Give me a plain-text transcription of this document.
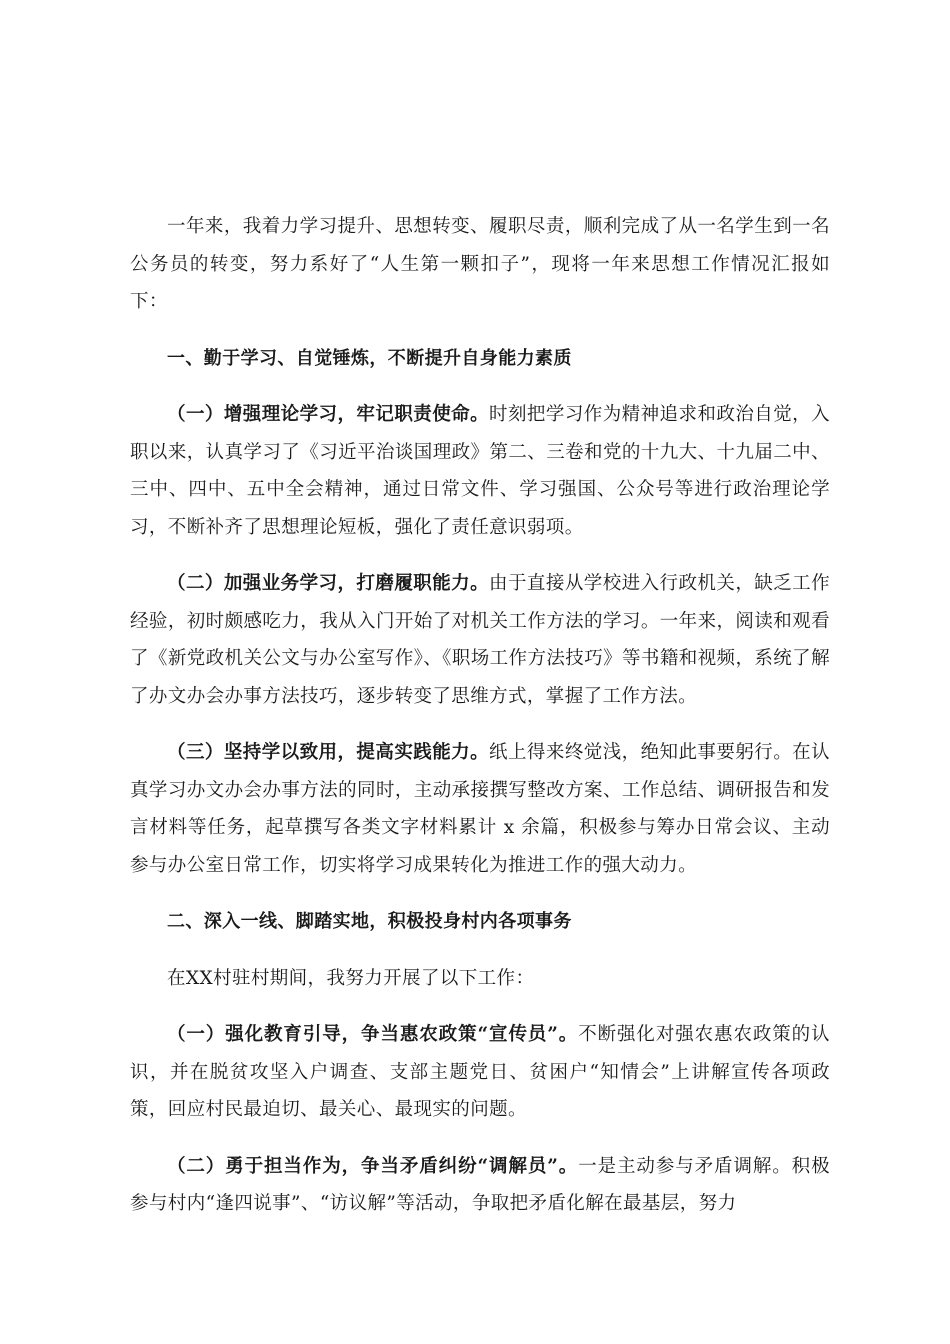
一年来，我着力学习提升、思想转变、履职尽责，顺利完成了从一名学生到一名公务员的转变，努力系好了“人生第一颗扣子”，现将一年来思想工作情况汇报如下：

一、勤于学习、自觉锤炼，不断提升自身能力素质

（一）增强理论学习，牢记职责使命。时刻把学习作为精神追求和政治自觉，入职以来，认真学习了《习近平治谈国理政》第二、三卷和党的十九大、十九届二中、三中、四中、五中全会精神，通过日常文件、学习强国、公众号等进行政治理论学习，不断补齐了思想理论短板，强化了责任意识弱项。

（二）加强业务学习，打磨履职能力。由于直接从学校进入行政机关，缺乏工作经验，初时颇感吃力，我从入门开始了对机关工作方法的学习。一年来，阅读和观看了《新党政机关公文与办公室写作》、《职场工作方法技巧》等书籍和视频，系统了解了办文办会办事方法技巧，逐步转变了思维方式，掌握了工作方法。

（三）坚持学以致用，提高实践能力。纸上得来终觉浅，绝知此事要躬行。在认真学习办文办会办事方法的同时，主动承接撰写整改方案、工作总结、调研报告和发言材料等任务，起草撰写各类文字材料累计 x 余篇，积极参与筹办日常会议、主动参与办公室日常工作，切实将学习成果转化为推进工作的强大动力。

二、深入一线、脚踏实地，积极投身村内各项事务

在XX村驻村期间，我努力开展了以下工作：

（一）强化教育引导，争当惠农政策“宣传员”。不断强化对强农惠农政策的认识，并在脱贫攻坚入户调查、支部主题党日、贫困户“知情会”上讲解宣传各项政策，回应村民最迫切、最关心、最现实的问题。

（二）勇于担当作为，争当矛盾纠纷“调解员”。一是主动参与矛盾调解。积极参与村内“逢四说事”、“访议解”等活动，争取把矛盾化解在最基层，努力
